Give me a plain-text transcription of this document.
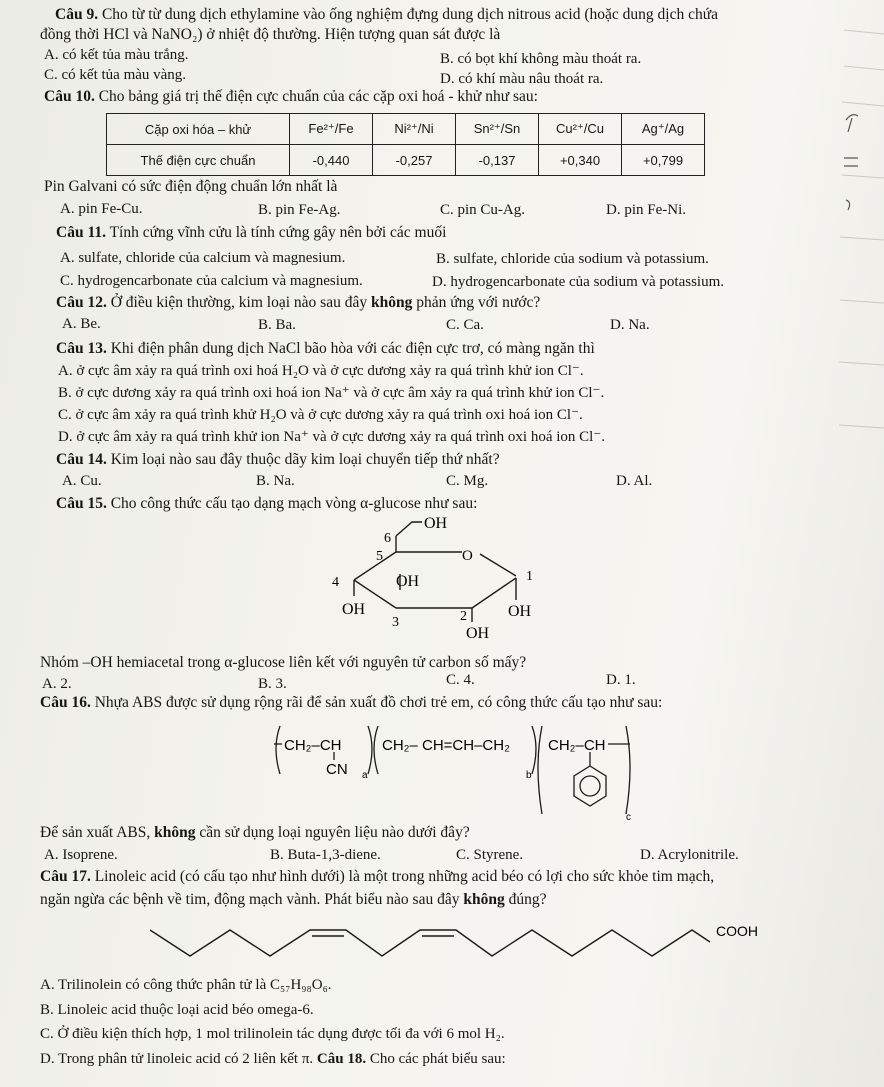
Câu 9. Cho từ từ dung dịch ethylamine vào ống nghiệm đựng dung dịch nitrous acid (hoặc dung dịch chứa
đồng thời HCl và NaNO₂) ở nhiệt độ thường. Hiện tượng quan sát được là
A. có kết tủa màu trắng.	B. có bọt khí không màu thoát ra.
C. có kết tủa màu vàng.	D. có khí màu nâu thoát ra.
Câu 10. Cho bảng giá trị thế điện cực chuẩn của các cặp oxi hoá - khử như sau:
Cặp oxi hóa – khử	Fe²⁺/Fe	Ni²⁺/Ni	Sn²⁺/Sn	Cu²⁺/Cu	Ag⁺/Ag
Thế điện cực chuẩn	-0,440	-0,257	-0,137	+0,340	+0,799
Pin Galvani có sức điện động chuẩn lớn nhất là
A. pin Fe-Cu.	B. pin Fe-Ag.	C. pin Cu-Ag.	D. pin Fe-Ni.
Câu 11. Tính cứng vĩnh cửu là tính cứng gây nên bởi các muối
A. sulfate, chloride của calcium và magnesium.	B. sulfate, chloride của sodium và potassium.
C. hydrogencarbonate của calcium và magnesium.	D. hydrogencarbonate của sodium và potassium.
Câu 12. Ở điều kiện thường, kim loại nào sau đây không phản ứng với nước?
A. Be.	B. Ba.	C. Ca.	D. Na.
Câu 13. Khi điện phân dung dịch NaCl bão hòa với các điện cực trơ, có màng ngăn thì
A. ở cực âm xảy ra quá trình oxi hoá H₂O và ở cực dương xảy ra quá trình khử ion Cl⁻.
B. ở cực dương xảy ra quá trình oxi hoá ion Na⁺ và ở cực âm xảy ra quá trình khử ion Cl⁻.
C. ở cực âm xảy ra quá trình khử H₂O và ở cực dương xảy ra quá trình oxi hoá ion Cl⁻.
D. ở cực âm xảy ra quá trình khử ion Na⁺ và ở cực dương xảy ra quá trình oxi hoá ion Cl⁻.
Câu 14. Kim loại nào sau đây thuộc dãy kim loại chuyển tiếp thứ nhất?
A. Cu.	B. Na.	C. Mg.	D. Al.
Câu 15. Cho công thức cấu tạo dạng mạch vòng α-glucose như sau:
OH
6
5	O
4	OH	1
OH
3	2	OH
OH
Nhóm –OH hemiacetal trong α-glucose liên kết với nguyên tử carbon số mấy?
A. 2.	B. 3.	C. 4.	D. 1.
Câu 16. Nhựa ABS được sử dụng rộng rãi để sản xuất đồ chơi trẻ em, có công thức cấu tạo như sau:
CH₂–CH
CN a
CH₂– CH=CH–CH₂
b
CH₂–CH
c
Để sản xuất ABS, không cần sử dụng loại nguyên liệu nào dưới đây?
A. Isoprene.	B. Buta-1,3-diene.	C. Styrene.	D. Acrylonitrile.
Câu 17. Linoleic acid (có cấu tạo như hình dưới) là một trong những acid béo có lợi cho sức khỏe tim mạch,
ngăn ngừa các bệnh về tim, động mạch vành. Phát biểu nào sau đây không đúng?
COOH
A. Trilinolein có công thức phân tử là C₅₇H₉₈O₆.
B. Linoleic acid thuộc loại acid béo omega-6.
C. Ở điều kiện thích hợp, 1 mol trilinolein tác dụng được tối đa với 6 mol H₂.
D. Trong phân tử linoleic acid có 2 liên kết π. Câu 18. Cho các phát biểu sau:
